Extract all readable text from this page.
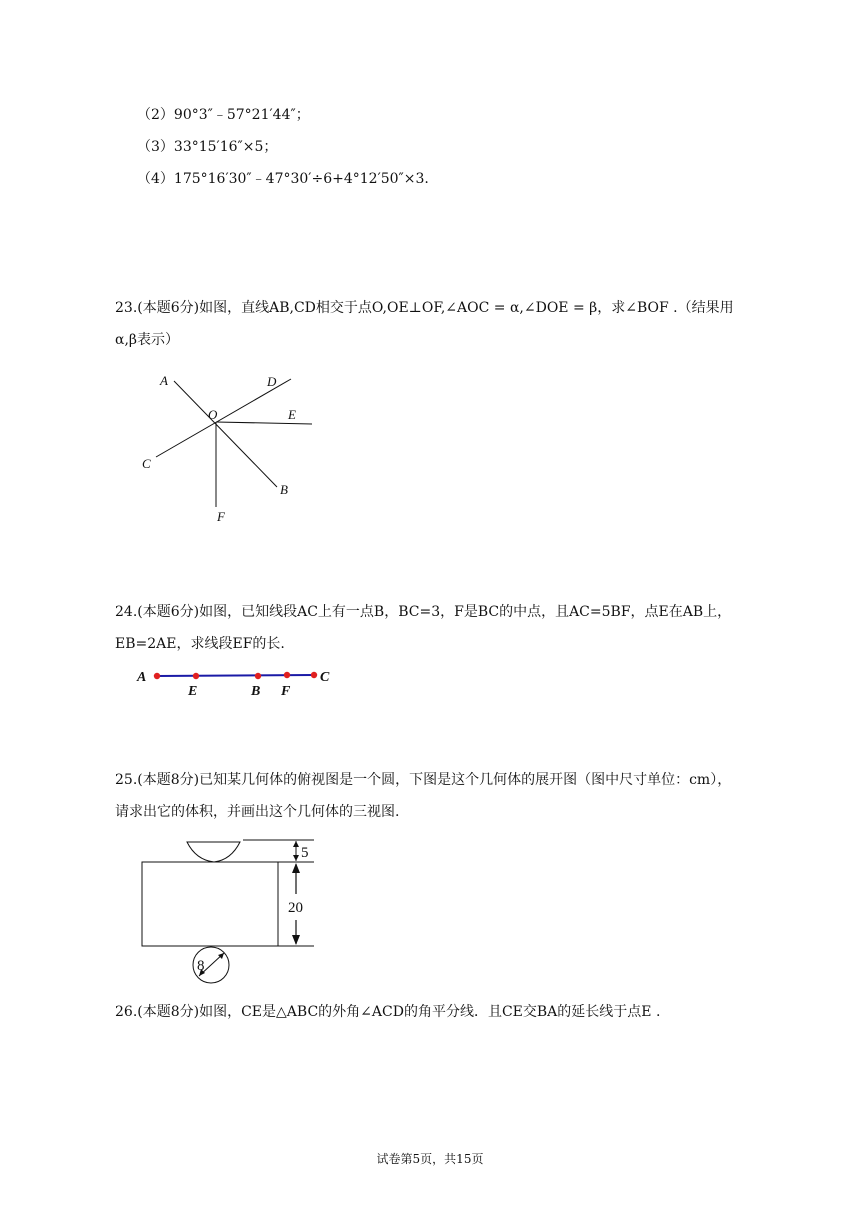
（2）90°3″﹣57°21′44″；
（3）33°15′16″×5；
（4）175°16′30″﹣47°30′÷6+4°12′50″×3.
23.(本题6分)如图，直线AB,CD相交于点O,OE⊥OF,∠AOC = α,∠DOE = β，求∠BOF .（结果用α,β表示）
A	D
O	E
C
B
F
24.(本题6分)如图，已知线段AC上有一点B，BC=3，F是BC的中点，且AC=5BF，点E在AB上，EB=2AE，求线段EF的长.
A
E	B F
C
25.(本题8分)已知某几何体的俯视图是一个圆，下图是这个几何体的展开图（图中尺寸单位：cm），请求出它的体积，并画出这个几何体的三视图.
5
20
8
26.(本题8分)如图，CE是△ABC的外角∠ACD的角平分线．且CE交BA的延长线于点E .
试卷第5页，共15页
